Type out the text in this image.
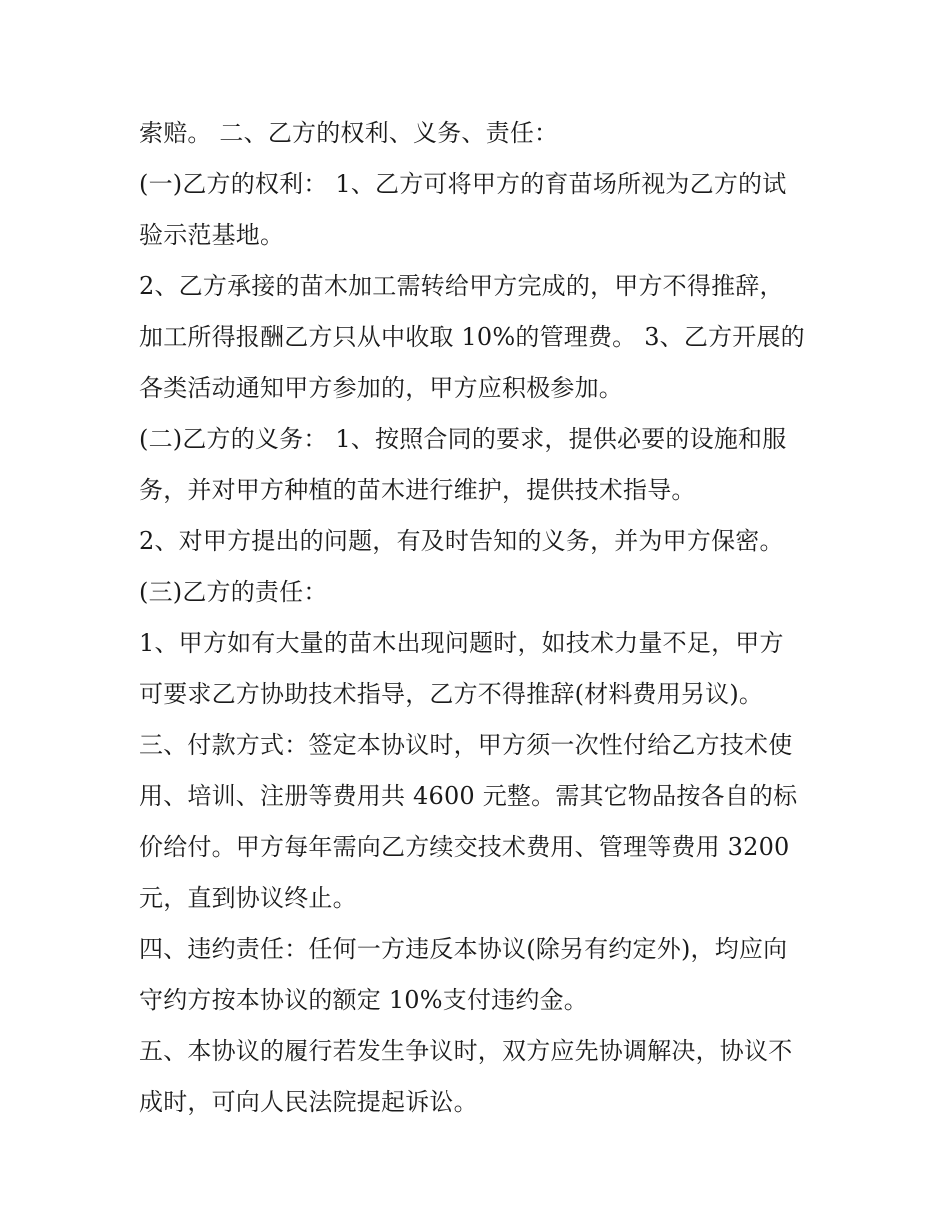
索赔。 二、乙方的权利、义务、责任：
(一)乙方的权利： 1、乙方可将甲方的育苗场所视为乙方的试
验示范基地。
2、乙方承接的苗木加工需转给甲方完成的，甲方不得推辞，
加工所得报酬乙方只从中收取 10%的管理费。 3、乙方开展的
各类活动通知甲方参加的，甲方应积极参加。
(二)乙方的义务： 1、按照合同的要求，提供必要的设施和服
务，并对甲方种植的苗木进行维护，提供技术指导。
2、对甲方提出的问题，有及时告知的义务，并为甲方保密。
(三)乙方的责任：
1、甲方如有大量的苗木出现问题时，如技术力量不足，甲方
可要求乙方协助技术指导，乙方不得推辞(材料费用另议)。
三、付款方式：签定本协议时，甲方须一次性付给乙方技术使
用、培训、注册等费用共 4600 元整。需其它物品按各自的标
价给付。甲方每年需向乙方续交技术费用、管理等费用 3200
元，直到协议终止。
四、违约责任：任何一方违反本协议(除另有约定外)，均应向
守约方按本协议的额定 10%支付违约金。
五、本协议的履行若发生争议时，双方应先协调解决，协议不
成时，可向人民法院提起诉讼。
